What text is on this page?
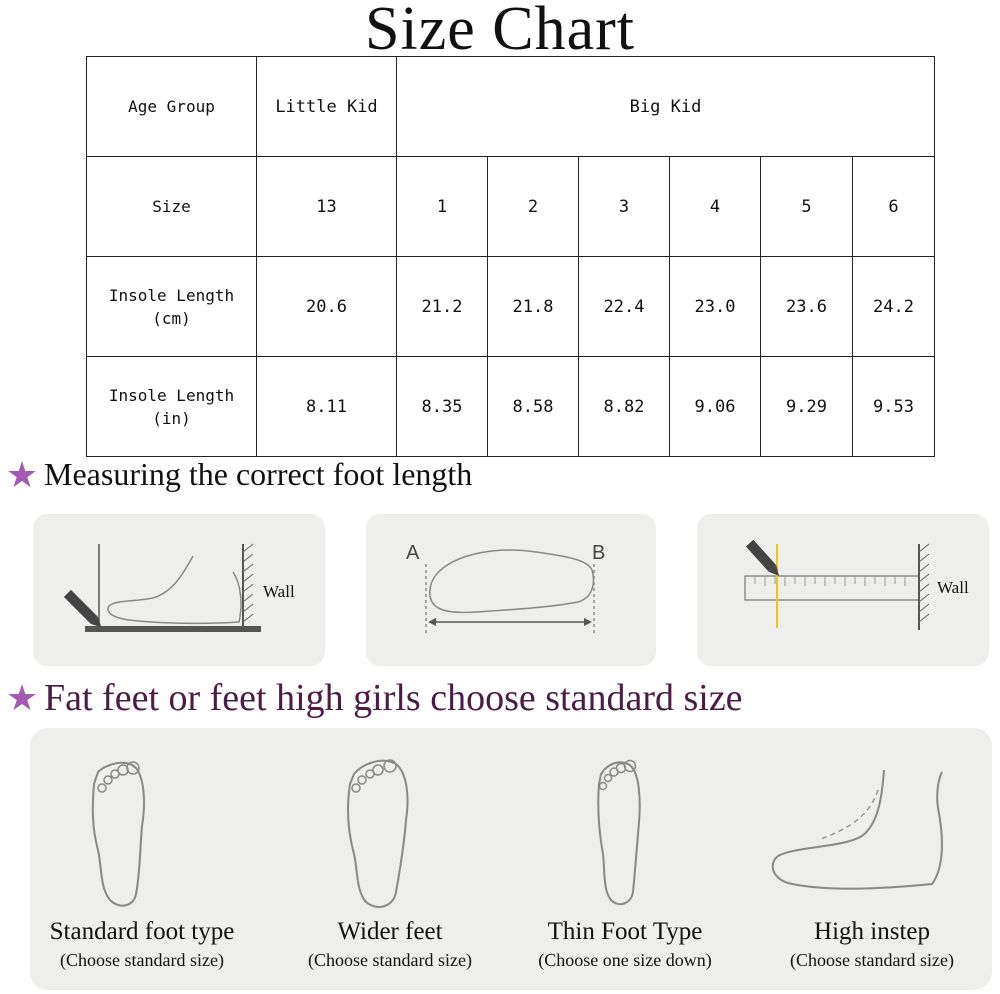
Size Chart
Age Group	Little Kid	Big Kid					
Size	13	1	2	3	4	5	6
Insole Length
(cm)	20.6	21.2	21.8	22.4	23.0	23.6	24.2
Insole Length
(in)	8.11	8.35	8.58	8.82	9.06	9.29	9.53
★ Measuring the correct foot length
Wall
A	B
Wall
★ Fat feet or feet high girls choose standard size
Standard foot type
(Choose standard size)
Wider feet
(Choose standard size)
Thin Foot Type
(Choose one size down)
High instep
(Choose standard size)
